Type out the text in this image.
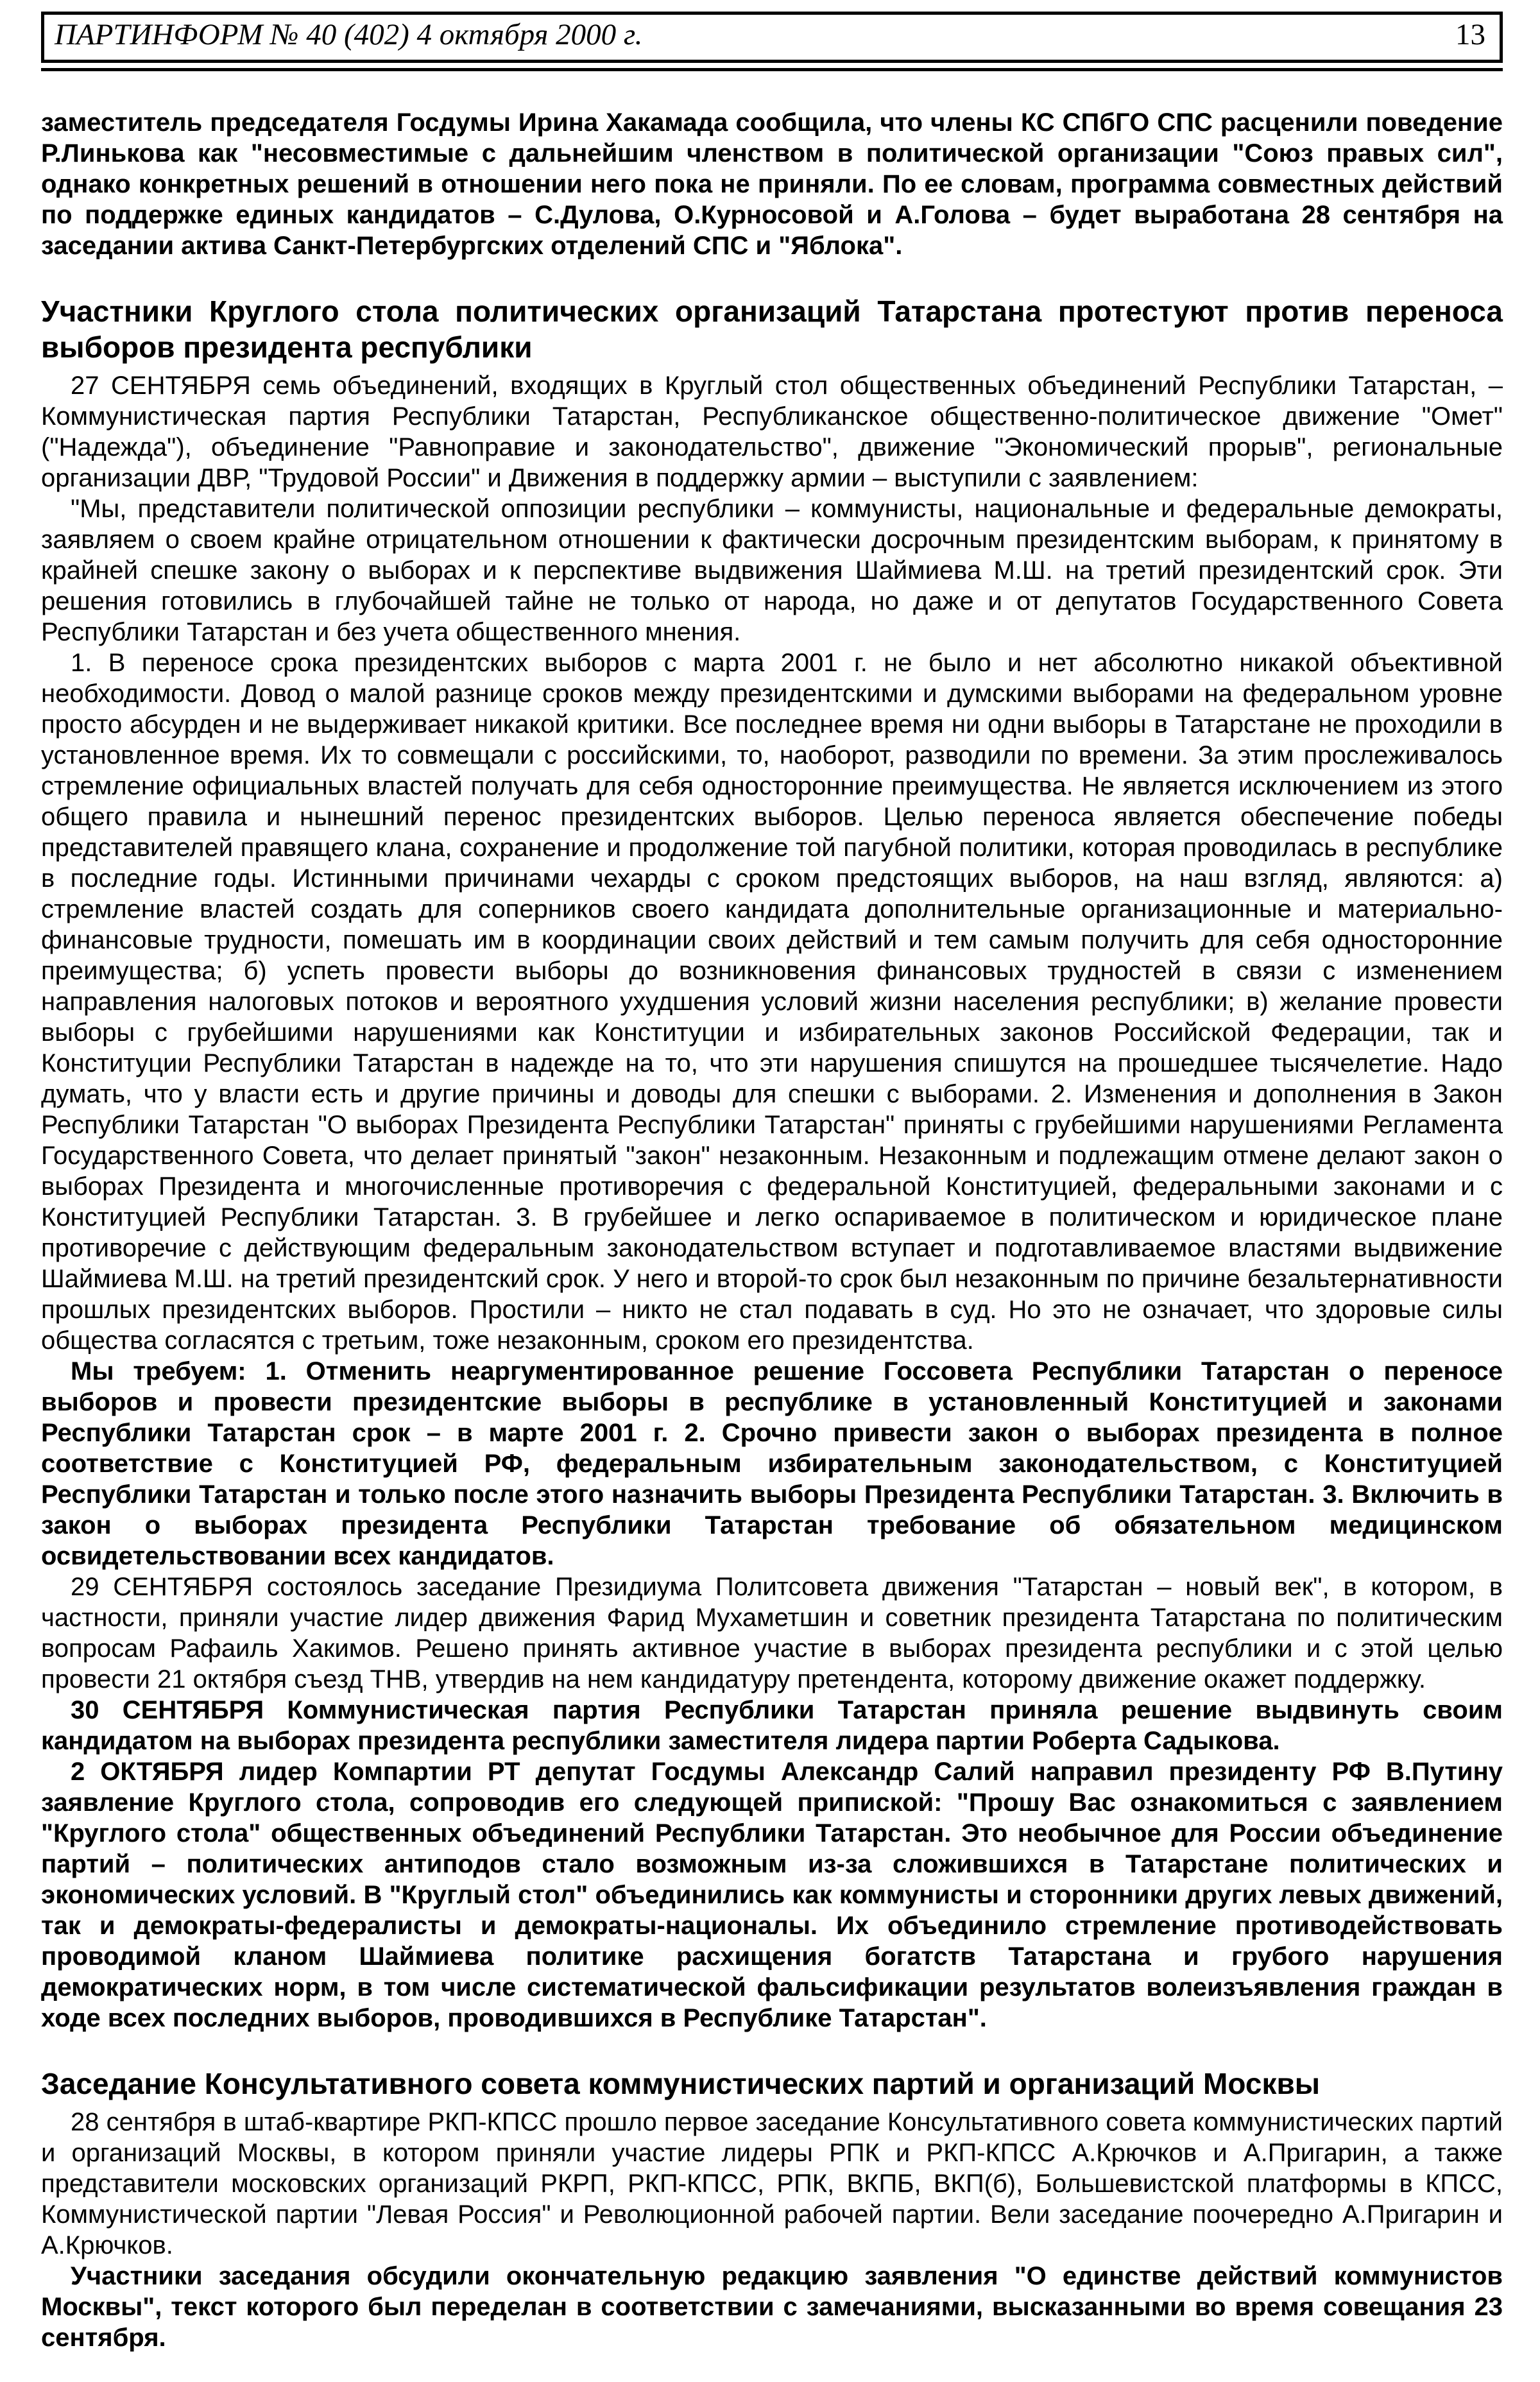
ПАРТИНФОРМ № 40 (402) 4 октября 2000 г.	13

заместитель председателя Госдумы Ирина Хакамада сообщила, что члены КС СПбГО СПС расценили поведение Р.Линькова как "несовместимые с дальнейшим членством в политической организации "Союз правых сил", однако конкретных решений в отношении него пока не приняли. По ее словам, программа совместных действий по поддержке единых кандидатов – С.Дулова, О.Курносовой и А.Голова – будет выработана 28 сентября на заседании актива Санкт-Петербургских отделений СПС и "Яблока".

Участники Круглого стола политических организаций Татарстана протестуют против переноса выборов президента республики

27 СЕНТЯБРЯ семь объединений, входящих в Круглый стол общественных объединений Республики Татарстан, – Коммунистическая партия Республики Татарстан, Республиканское общественно-политическое движение "Омет" ("Надежда"), объединение "Равноправие и законодательство", движение "Экономический прорыв", региональные организации ДВР, "Трудовой России" и Движения в поддержку армии – выступили с заявлением:

"Мы, представители политической оппозиции республики – коммунисты, национальные и федеральные демократы, заявляем о своем крайне отрицательном отношении к фактически досрочным президентским выборам, к принятому в крайней спешке закону о выборах и к перспективе выдвижения Шаймиева М.Ш. на третий президентский срок. Эти решения готовились в глубочайшей тайне не только от народа, но даже и от депутатов Государственного Совета Республики Татарстан и без учета общественного мнения.

1. В переносе срока президентских выборов с марта 2001 г. не было и нет абсолютно никакой объективной необходимости. Довод о малой разнице сроков между президентскими и думскими выборами на федеральном уровне просто абсурден и не выдерживает никакой критики. Все последнее время ни одни выборы в Татарстане не проходили в установленное время. Их то совмещали с российскими, то, наоборот, разводили по времени. За этим прослеживалось стремление официальных властей получать для себя односторонние преимущества. Не является исключением из этого общего правила и нынешний перенос президентских выборов. Целью переноса является обеспечение победы представителей правящего клана, сохранение и продолжение той пагубной политики, которая проводилась в республике в последние годы. Истинными причинами чехарды с сроком предстоящих выборов, на наш взгляд, являются: а) стремление властей создать для соперников своего кандидата дополнительные организационные и материально-финансовые трудности, помешать им в координации своих действий и тем самым получить для себя односторонние преимущества; б) успеть провести выборы до возникновения финансовых трудностей в связи с изменением направления налоговых потоков и вероятного ухудшения условий жизни населения республики; в) желание провести выборы с грубейшими нарушениями как Конституции и избирательных законов Российской Федерации, так и Конституции Республики Татарстан в надежде на то, что эти нарушения спишутся на прошедшее тысячелетие. Надо думать, что у власти есть и другие причины и доводы для спешки с выборами. 2. Изменения и дополнения в Закон Республики Татарстан "О выборах Президента Республики Татарстан" приняты с грубейшими нарушениями Регламента Государственного Совета, что делает принятый "закон" незаконным. Незаконным и подлежащим отмене делают закон о выборах Президента и многочисленные противоречия с федеральной Конституцией, федеральными законами и с Конституцией Республики Татарстан. 3. В грубейшее и легко оспариваемое в политическом и юридическое плане противоречие с действующим федеральным законодательством вступает и подготавливаемое властями выдвижение Шаймиева М.Ш. на третий президентский срок. У него и второй-то срок был незаконным по причине безальтернативности прошлых президентских выборов. Простили – никто не стал подавать в суд. Но это не означает, что здоровые силы общества согласятся с третьим, тоже незаконным, сроком его президентства.

Мы требуем: 1. Отменить неаргументированное решение Госсовета Республики Татарстан о переносе выборов и провести президентские выборы в республике в установленный Конституцией и законами Республики Татарстан срок – в марте 2001 г. 2. Срочно привести закон о выборах президента в полное соответствие с Конституцией РФ, федеральным избирательным законодательством, с Конституцией Республики Татарстан и только после этого назначить выборы Президента Республики Татарстан. 3. Включить в закон о выборах президента Республики Татарстан требование об обязательном медицинском освидетельствовании всех кандидатов.

29 СЕНТЯБРЯ состоялось заседание Президиума Политсовета движения "Татарстан – новый век", в котором, в частности, приняли участие лидер движения Фарид Мухаметшин и советник президента Татарстана по политическим вопросам Рафаиль Хакимов. Решено принять активное участие в выборах президента республики и с этой целью провести 21 октября съезд ТНВ, утвердив на нем кандидатуру претендента, которому движение окажет поддержку.

30 СЕНТЯБРЯ Коммунистическая партия Республики Татарстан приняла решение выдвинуть своим кандидатом на выборах президента республики заместителя лидера партии Роберта Садыкова.

2 ОКТЯБРЯ лидер Компартии РТ депутат Госдумы Александр Салий направил президенту РФ В.Путину заявление Круглого стола, сопроводив его следующей припиской: "Прошу Вас ознакомиться с заявлением "Круглого стола" общественных объединений Республики Татарстан. Это необычное для России объединение партий – политических антиподов стало возможным из-за сложившихся в Татарстане политических и экономических условий. В "Круглый стол" объединились как коммунисты и сторонники других левых движений, так и демократы-федералисты и демократы-националы. Их объединило стремление противодействовать проводимой кланом Шаймиева политике расхищения богатств Татарстана и грубого нарушения демократических норм, в том числе систематической фальсификации результатов волеизъявления граждан в ходе всех последних выборов, проводившихся в Республике Татарстан".

Заседание Консультативного совета коммунистических партий и организаций Москвы

28 сентября в штаб-квартире РКП-КПСС прошло первое заседание Консультативного совета коммунистических партий и организаций Москвы, в котором приняли участие лидеры РПК и РКП-КПСС А.Крючков и А.Пригарин, а также представители московских организаций РКРП, РКП-КПСС, РПК, ВКПБ, ВКП(б), Большевистской платформы в КПСС, Коммунистической партии "Левая Россия" и Революционной рабочей партии. Вели заседание поочередно А.Пригарин и А.Крючков.

Участники заседания обсудили окончательную редакцию заявления "О единстве действий коммунистов Москвы", текст которого был переделан в соответствии с замечаниями, высказанными во время совещания 23 сентября.
